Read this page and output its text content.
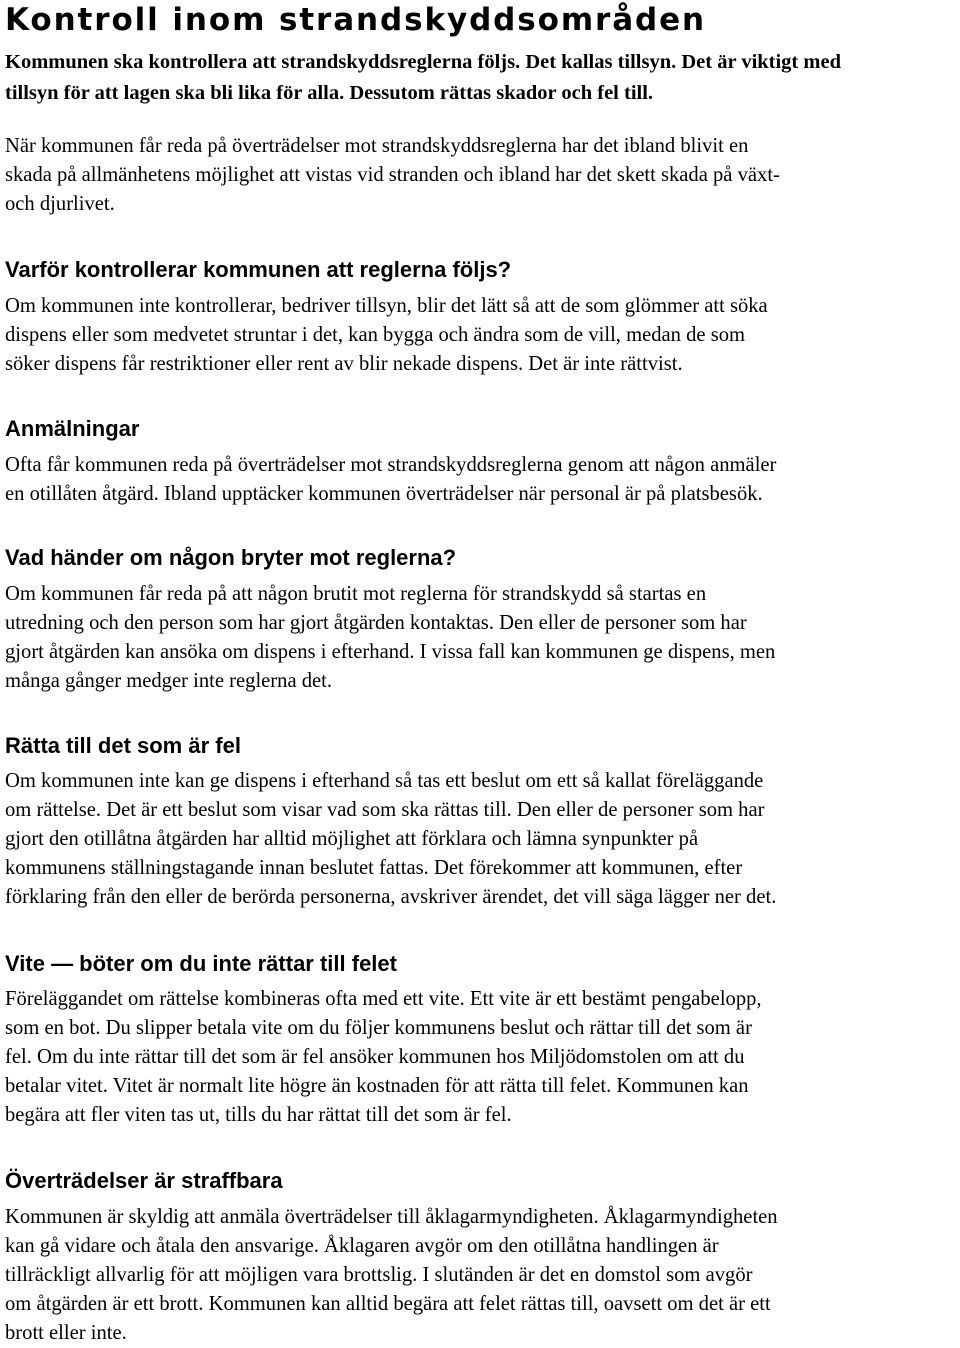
Kontroll inom strandskyddsområden

Kommunen ska kontrollera att strandskyddsreglerna följs. Det kallas tillsyn. Det är viktigt med
tillsyn för att lagen ska bli lika för alla. Dessutom rättas skador och fel till.

När kommunen får reda på överträdelser mot strandskyddsreglerna har det ibland blivit en
skada på allmänhetens möjlighet att vistas vid stranden och ibland har det skett skada på växt-
och djurlivet.

Varför kontrollerar kommunen att reglerna följs?

Om kommunen inte kontrollerar, bedriver tillsyn, blir det lätt så att de som glömmer att söka
dispens eller som medvetet struntar i det, kan bygga och ändra som de vill, medan de som
söker dispens får restriktioner eller rent av blir nekade dispens. Det är inte rättvist.

Anmälningar

Ofta får kommunen reda på överträdelser mot strandskyddsreglerna genom att någon anmäler
en otillåten åtgärd. Ibland upptäcker kommunen överträdelser när personal är på platsbesök.

Vad händer om någon bryter mot reglerna?

Om kommunen får reda på att någon brutit mot reglerna för strandskydd så startas en
utredning och den person som har gjort åtgärden kontaktas. Den eller de personer som har
gjort åtgärden kan ansöka om dispens i efterhand. I vissa fall kan kommunen ge dispens, men
många gånger medger inte reglerna det.

Rätta till det som är fel

Om kommunen inte kan ge dispens i efterhand så tas ett beslut om ett så kallat föreläggande
om rättelse. Det är ett beslut som visar vad som ska rättas till. Den eller de personer som har
gjort den otillåtna åtgärden har alltid möjlighet att förklara och lämna synpunkter på
kommunens ställningstagande innan beslutet fattas. Det förekommer att kommunen, efter
förklaring från den eller de berörda personerna, avskriver ärendet, det vill säga lägger ner det.

Vite — böter om du inte rättar till felet

Föreläggandet om rättelse kombineras ofta med ett vite. Ett vite är ett bestämt pengabelopp,
som en bot. Du slipper betala vite om du följer kommunens beslut och rättar till det som är
fel. Om du inte rättar till det som är fel ansöker kommunen hos Miljödomstolen om att du
betalar vitet. Vitet är normalt lite högre än kostnaden för att rätta till felet. Kommunen kan
begära att fler viten tas ut, tills du har rättat till det som är fel.

Överträdelser är straffbara

Kommunen är skyldig att anmäla överträdelser till åklagarmyndigheten. Åklagarmyndigheten
kan gå vidare och åtala den ansvarige. Åklagaren avgör om den otillåtna handlingen är
tillräckligt allvarlig för att möjligen vara brottslig. I slutänden är det en domstol som avgör
om åtgärden är ett brott. Kommunen kan alltid begära att felet rättas till, oavsett om det är ett
brott eller inte.
